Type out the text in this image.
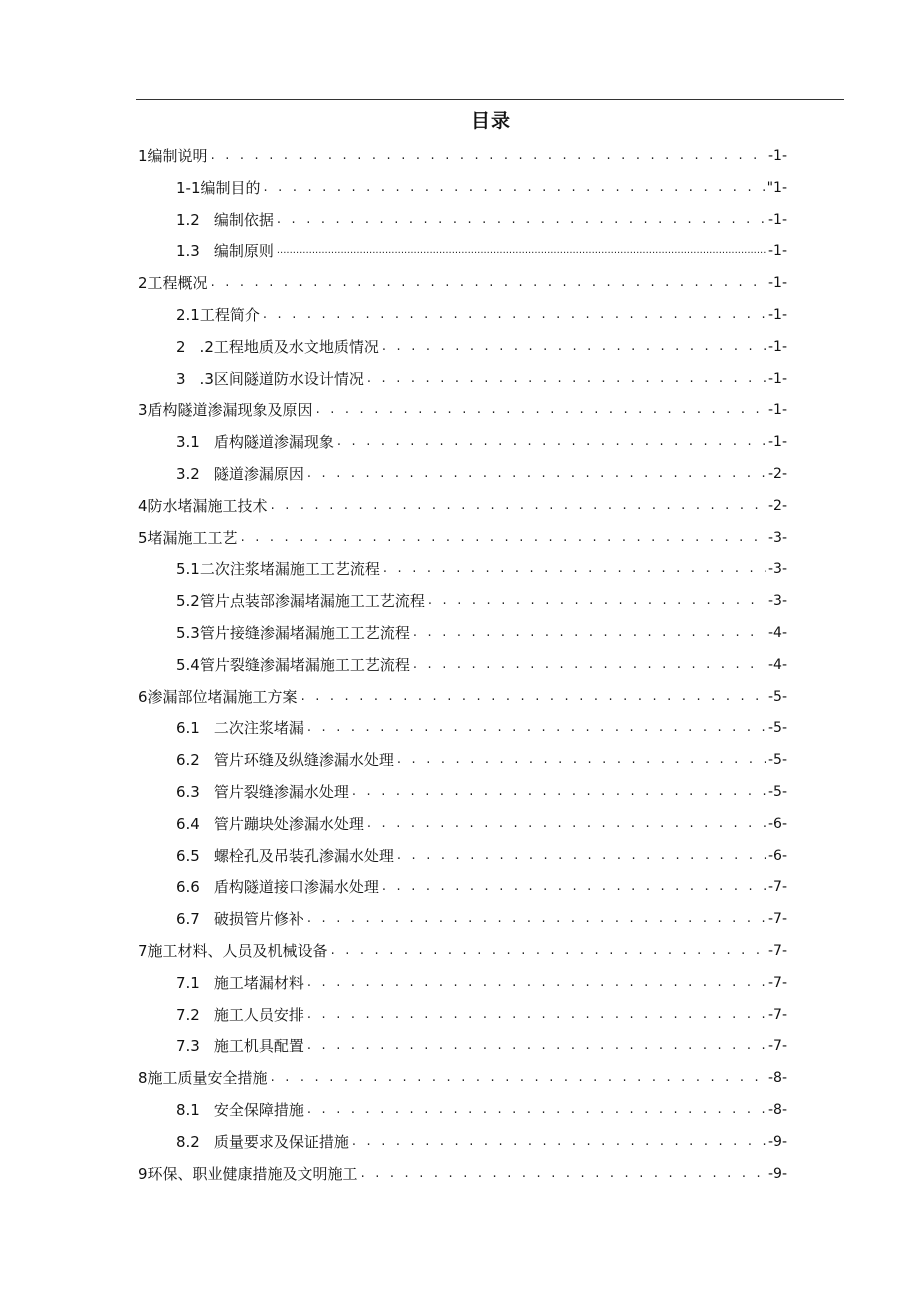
目录
1 编制说明 . . .	-1-
1-1 编制目的 . . .	"1-
1.2 编制依据 . . .	-1-
1.3 编制原则 .....	-1-
2 工程概况 . . .	-1-
2.1 工程简介 . . .	-1-
2 .2工程地质及水文地质情况 . . .	-1-
3 .3区间隧道防水设计情况 . . .	-1-
3 盾构隧道渗漏现象及原因 . . .	-1-
3.1 盾构隧道渗漏现象 . . .	-1-
3.2 隧道渗漏原因 . . .	-2-
4 防水堵漏施工技术 . . .	-2-
5 堵漏施工工艺 . . .	-3-
5.1 二次注浆堵漏施工工艺流程 . . .	-3-
5.2 管片点装部渗漏堵漏施工工艺流程 . . .	-3-
5.3 管片接缝渗漏堵漏施工工艺流程 . . .	-4-
5.4 管片裂缝渗漏堵漏施工工艺流程 . . .	-4-
6 渗漏部位堵漏施工方案 . . .	-5-
6.1 二次注浆堵漏 . . .	-5-
6.2 管片环缝及纵缝渗漏水处理 . . .	-5-
6.3 管片裂缝渗漏水处理 . . .	-5-
6.4 管片蹦块处渗漏水处理 . . .	-6-
6.5 螺栓孔及吊装孔渗漏水处理 . . .	-6-
6.6 盾构隧道接口渗漏水处理 . . .	-7-
6.7 破损管片修补 . . .	-7-
7 施工材料、人员及机械设备 . . .	-7-
7.1 施工堵漏材料 . . .	-7-
7.2 施工人员安排 . . .	-7-
7.3 施工机具配置 . . .	-7-
8 施工质量安全措施 . . .	-8-
8.1 安全保障措施 . . .	-8-
8.2 质量要求及保证措施 . . .	-9-
9 环保、职业健康措施及文明施工 . . .	-9-
